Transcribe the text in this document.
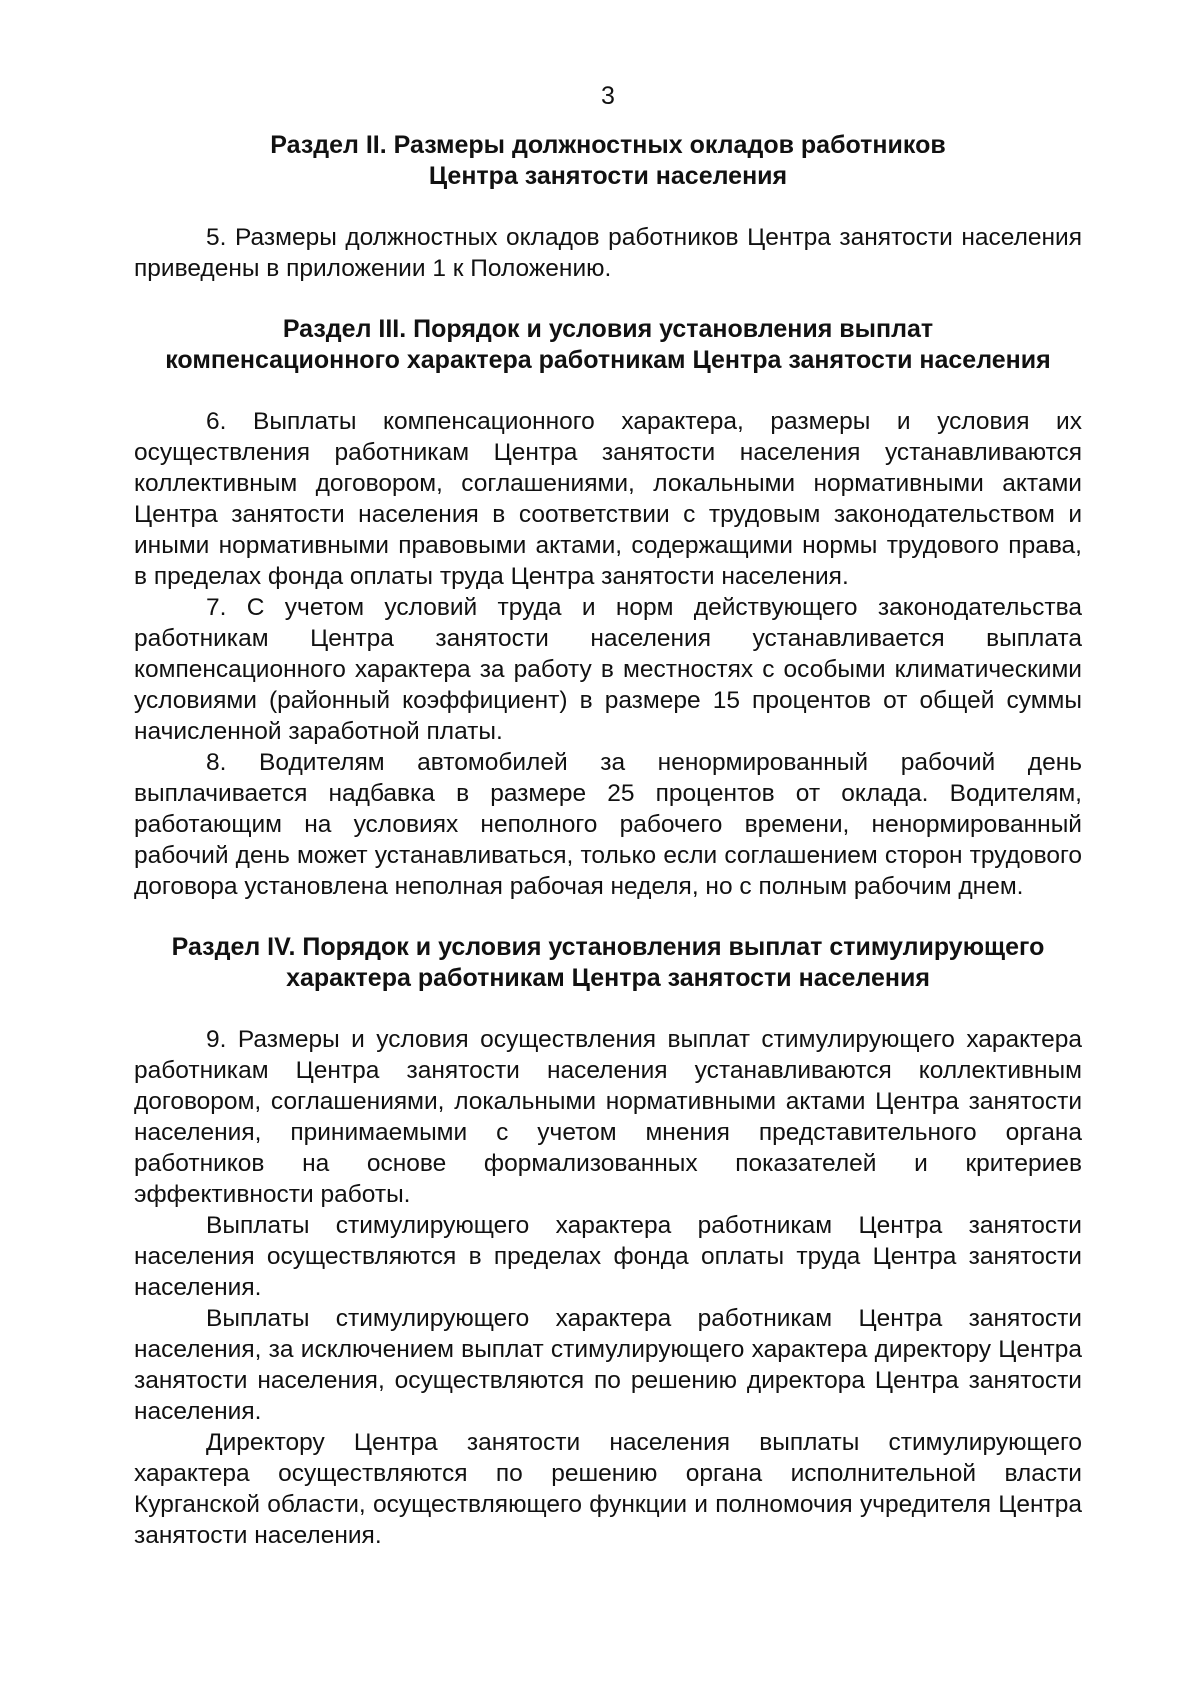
3
Раздел II. Размеры должностных окладов работников
Центра занятости населения

5. Размеры должностных окладов работников Центра занятости населения приведены в приложении 1 к Положению.

Раздел III. Порядок и условия установления выплат
компенсационного характера работникам Центра занятости населения

6. Выплаты компенсационного характера, размеры и условия их осуществления работникам Центра занятости населения устанавливаются коллективным договором, соглашениями, локальными нормативными актами Центра занятости населения в соответствии с трудовым законодательством и иными нормативными правовыми актами, содержащими нормы трудового права, в пределах фонда оплаты труда Центра занятости населения.

7. С учетом условий труда и норм действующего законодательства работникам Центра занятости населения устанавливается выплата компенсационного характера за работу в местностях с особыми климатическими условиями (районный коэффициент) в размере 15 процентов от общей суммы начисленной заработной платы.

8. Водителям автомобилей за ненормированный рабочий день выплачивается надбавка в размере 25 процентов от оклада. Водителям, работающим на условиях неполного рабочего времени, ненормированный рабочий день может устанавливаться, только если соглашением сторон трудового договора установлена неполная рабочая неделя, но с полным рабочим днем.

Раздел IV. Порядок и условия установления выплат стимулирующего
характера работникам Центра занятости населения

9. Размеры и условия осуществления выплат стимулирующего характера работникам Центра занятости населения устанавливаются коллективным договором, соглашениями, локальными нормативными актами Центра занятости населения, принимаемыми с учетом мнения представительного органа работников на основе формализованных показателей и критериев эффективности работы.

Выплаты стимулирующего характера работникам Центра занятости населения осуществляются в пределах фонда оплаты труда Центра занятости населения.

Выплаты стимулирующего характера работникам Центра занятости населения, за исключением выплат стимулирующего характера директору Центра занятости населения, осуществляются по решению директора Центра занятости населения.

Директору Центра занятости населения выплаты стимулирующего характера осуществляются по решению органа исполнительной власти Курганской области, осуществляющего функции и полномочия учредителя Центра занятости населения.
